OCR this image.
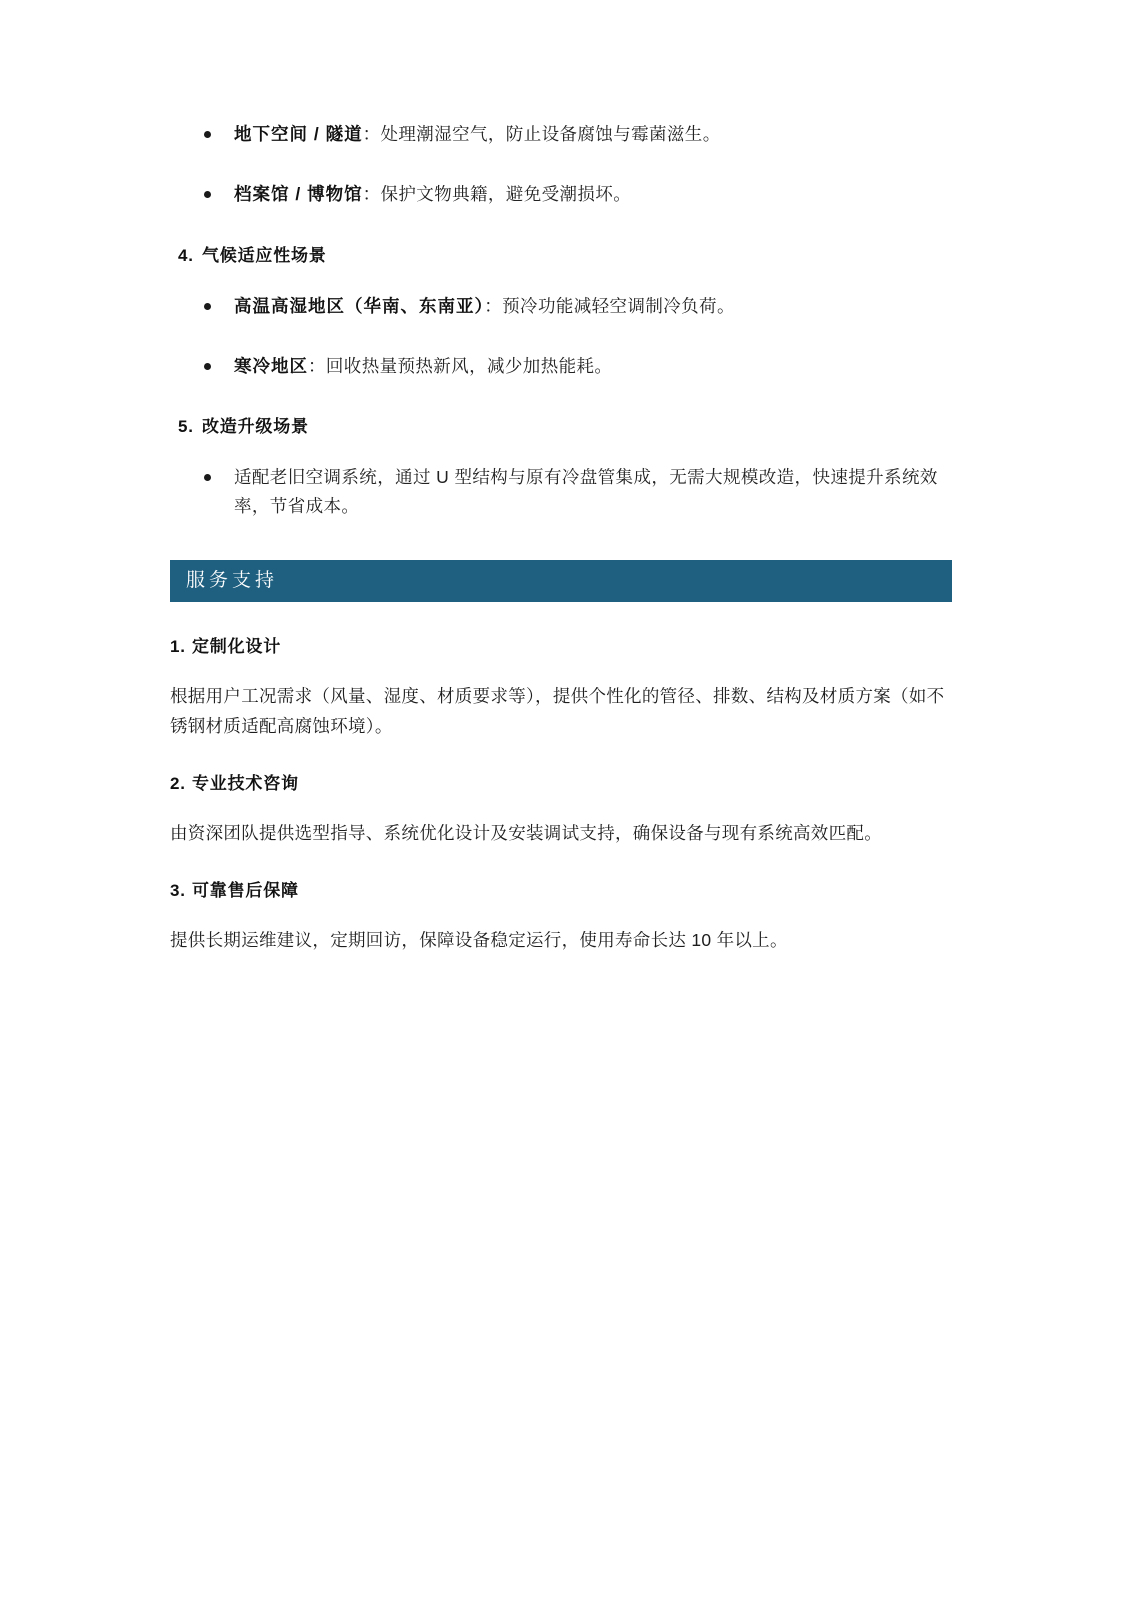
地下空间 / 隧道：处理潮湿空气，防止设备腐蚀与霉菌滋生。
档案馆 / 博物馆：保护文物典籍，避免受潮损坏。
4. 气候适应性场景
高温高湿地区（华南、东南亚）：预冷功能减轻空调制冷负荷。
寒冷地区：回收热量预热新风，减少加热能耗。
5. 改造升级场景
适配老旧空调系统，通过 U 型结构与原有冷盘管集成，无需大规模改造，快速提升系统效率，节省成本。
服务支持
1. 定制化设计

根据用户工况需求（风量、湿度、材质要求等），提供个性化的管径、排数、结构及材质方案（如不锈钢材质适配高腐蚀环境）。

2. 专业技术咨询

由资深团队提供选型指导、系统优化设计及安装调试支持，确保设备与现有系统高效匹配。

3. 可靠售后保障

提供长期运维建议，定期回访，保障设备稳定运行，使用寿命长达 10 年以上。
